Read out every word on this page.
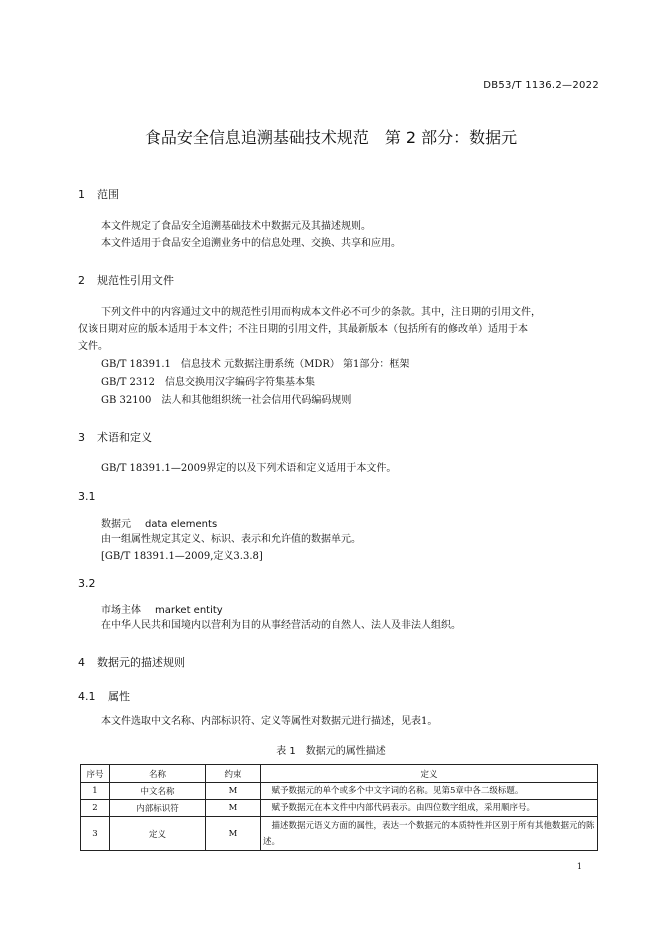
DB53/T 1136.2—2022
食品安全信息追溯基础技术规范　第 2 部分：数据元
1 范围
本文件规定了食品安全追溯基础技术中数据元及其描述规则。
本文件适用于食品安全追溯业务中的信息处理、交换、共享和应用。
2 规范性引用文件
下列文件中的内容通过文中的规范性引用而构成本文件必不可少的条款。其中，注日期的引用文件，
仅该日期对应的版本适用于本文件；不注日期的引用文件，其最新版本（包括所有的修改单）适用于本
文件。
GB/T 18391.1　信息技术 元数据注册系统（MDR） 第1部分：框架
GB/T 2312　信息交换用汉字编码字符集基本集
GB 32100　法人和其他组织统一社会信用代码编码规则
3 术语和定义
GB/T 18391.1—2009界定的以及下列术语和定义适用于本文件。
3.1
数据元 data elements
由一组属性规定其定义、标识、表示和允许值的数据单元。
[GB/T 18391.1—2009,定义3.3.8]
3.2
市场主体 market entity
在中华人民共和国境内以营利为目的从事经营活动的自然人、法人及非法人组织。
4 数据元的描述规则
4.1 属性
本文件选取中文名称、内部标识符、定义等属性对数据元进行描述，见表1。
表 1　数据元的属性描述
序号	名称	约束	定义
1	中文名称	M	　赋予数据元的单个或多个中文字词的名称。见第5章中各二级标题。
2	内部标识符	M	　赋予数据元在本文件中内部代码表示。由四位数字组成，采用顺序号。
3	定义	M	　描述数据元语义方面的属性，表达一个数据元的本质特性并区别于所有其他数据元的陈述。
1
